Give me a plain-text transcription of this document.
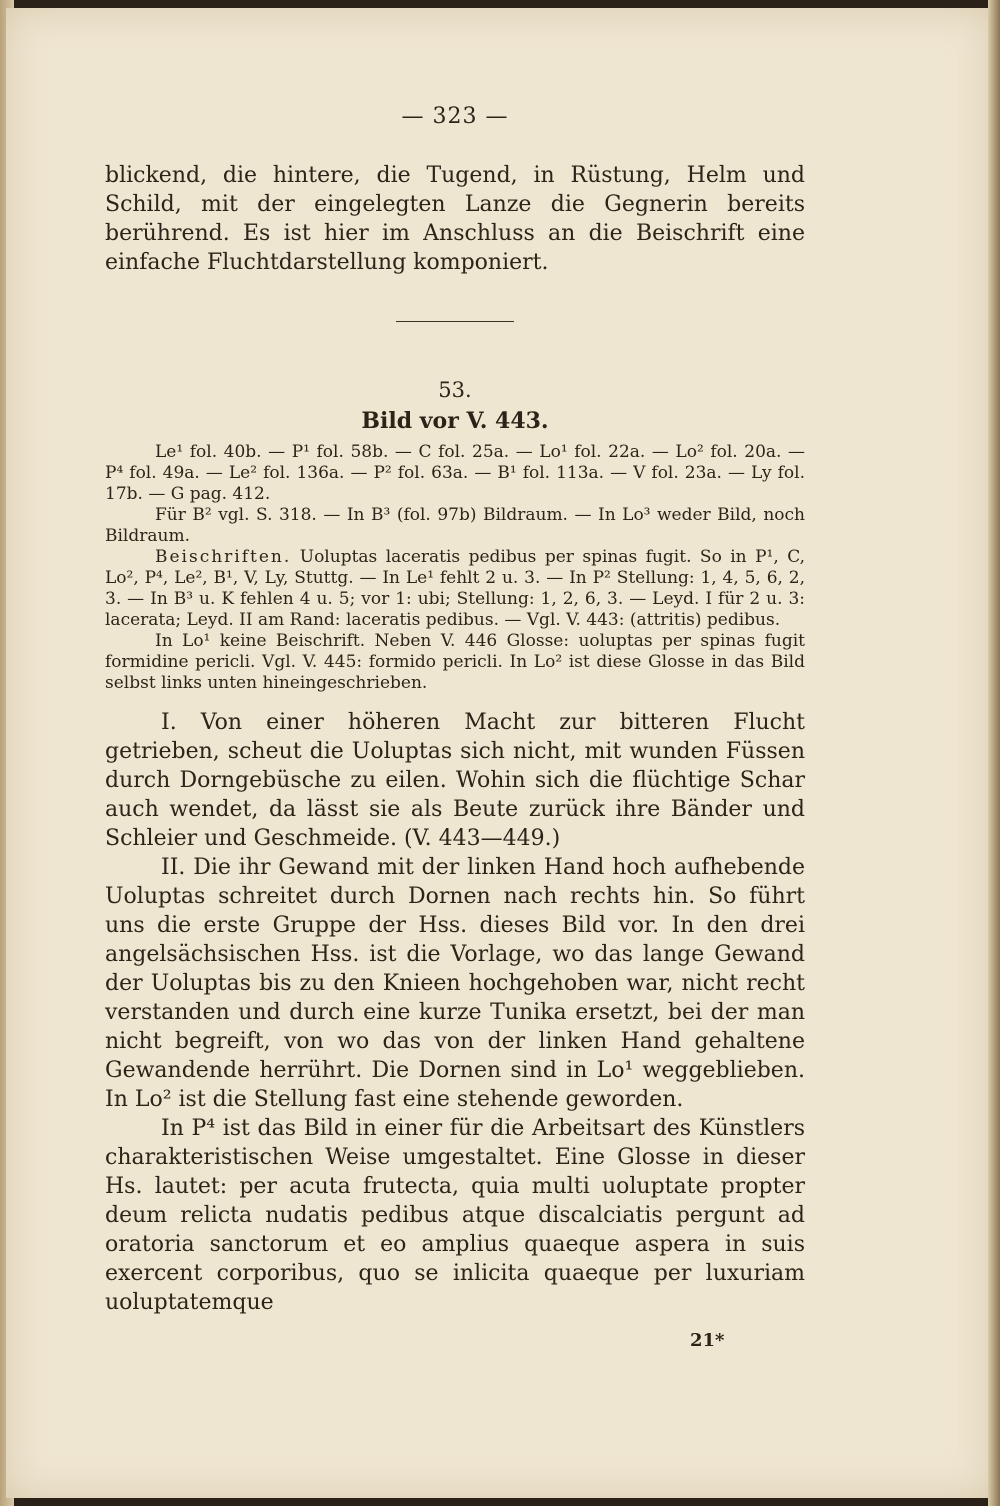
— 323 —

blickend, die hintere, die Tugend, in Rüstung, Helm und Schild, mit der eingelegten Lanze die Gegnerin bereits berührend. Es ist hier im Anschluss an die Beischrift eine einfache Fluchtdarstellung komponiert.

53.
Bild vor V. 443.

Le¹ fol. 40b. — P¹ fol. 58b. — C fol. 25a. — Lo¹ fol. 22a. — Lo² fol. 20a. — P⁴ fol. 49a. — Le² fol. 136a. — P² fol. 63a. — B¹ fol. 113a. — V fol. 23a. — Ly fol. 17b. — G pag. 412.

Für B² vgl. S. 318. — In B³ (fol. 97b) Bildraum. — In Lo³ weder Bild, noch Bildraum.

Beischriften. Uoluptas laceratis pedibus per spinas fugit. So in P¹, C, Lo², P⁴, Le², B¹, V, Ly, Stuttg. — In Le¹ fehlt 2 u. 3. — In P² Stellung: 1, 4, 5, 6, 2, 3. — In B³ u. K fehlen 4 u. 5; vor 1: ubi; Stellung: 1, 2, 6, 3. — Leyd. I für 2 u. 3: lacerata; Leyd. II am Rand: laceratis pedibus. — Vgl. V. 443: (attritis) pedibus.

In Lo¹ keine Beischrift. Neben V. 446 Glosse: uoluptas per spinas fugit formidine pericli. Vgl. V. 445: formido pericli. In Lo² ist diese Glosse in das Bild selbst links unten hineingeschrieben.

I. Von einer höheren Macht zur bitteren Flucht getrieben, scheut die Uoluptas sich nicht, mit wunden Füssen durch Dorngebüsche zu eilen. Wohin sich die flüchtige Schar auch wendet, da lässt sie als Beute zurück ihre Bänder und Schleier und Geschmeide. (V. 443—449.)

II. Die ihr Gewand mit der linken Hand hoch aufhebende Uoluptas schreitet durch Dornen nach rechts hin. So führt uns die erste Gruppe der Hss. dieses Bild vor. In den drei angelsächsischen Hss. ist die Vorlage, wo das lange Gewand der Uoluptas bis zu den Knieen hochgehoben war, nicht recht verstanden und durch eine kurze Tunika ersetzt, bei der man nicht begreift, von wo das von der linken Hand gehaltene Gewandende herrührt. Die Dornen sind in Lo¹ weggeblieben. In Lo² ist die Stellung fast eine stehende geworden.

In P⁴ ist das Bild in einer für die Arbeitsart des Künstlers charakteristischen Weise umgestaltet. Eine Glosse in dieser Hs. lautet: per acuta frutecta, quia multi uoluptate propter deum relicta nudatis pedibus atque discalciatis pergunt ad oratoria sanctorum et eo amplius quaeque aspera in suis exercent corporibus, quo se inlicita quaeque per luxuriam uoluptatemque

21*
